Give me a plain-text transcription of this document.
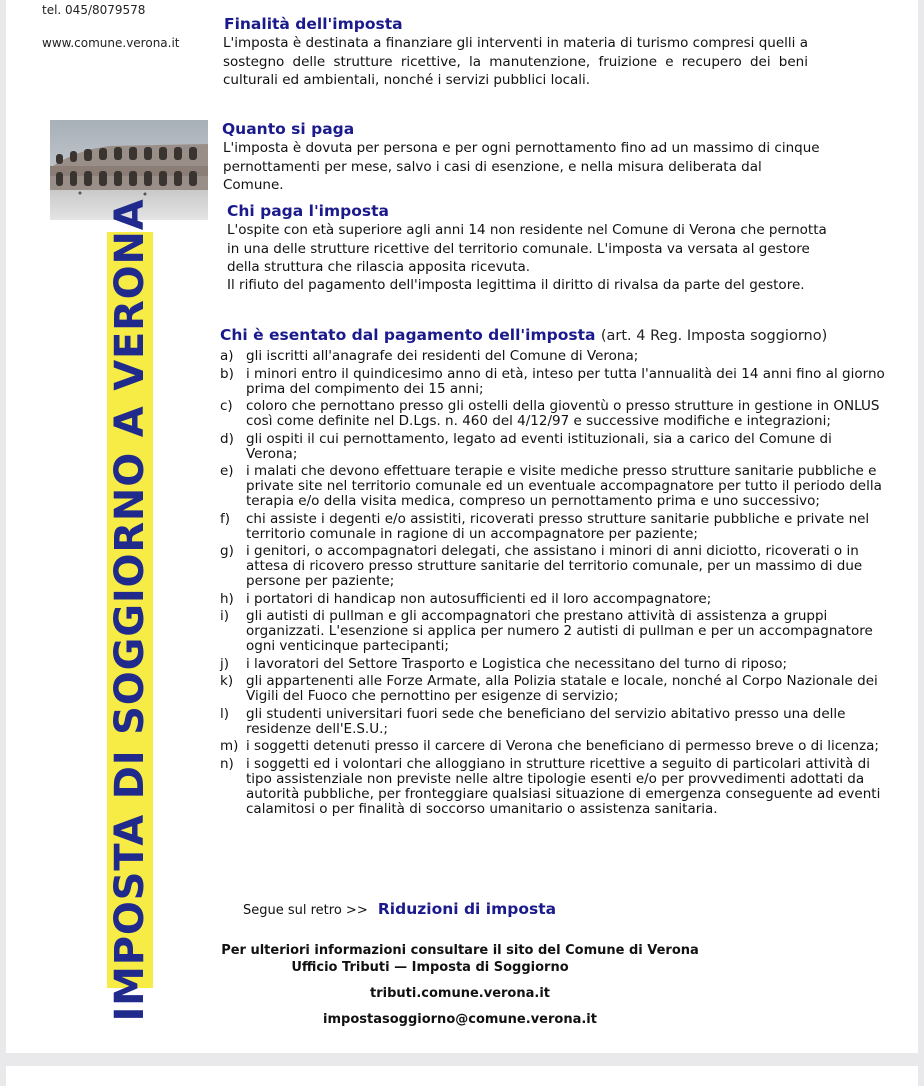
tel. 045/8079578
www.comune.verona.it
IMPOSTA DI SOGGIORNO A VERONA
Finalità dell'imposta
L'imposta è destinata a finanziare gli interventi in materia di turismo compresi quelli a sostegno delle strutture ricettive, la manutenzione, fruizione e recupero dei beni culturali ed ambientali, nonché i servizi pubblici locali.
Quanto si paga
L'imposta è dovuta per persona e per ogni pernottamento fino ad un massimo di cinque pernottamenti per mese, salvo i casi di esenzione, e nella misura deliberata dal Comune.
Chi paga l'imposta
L'ospite con età superiore agli anni 14 non residente nel Comune di Verona che pernotta in una delle strutture ricettive del territorio comunale. L'imposta va versata al gestore della struttura che rilascia apposita ricevuta.
Il rifiuto del pagamento dell'imposta legittima il diritto di rivalsa da parte del gestore.
Chi è esentato dal pagamento dell'imposta (art. 4 Reg. Imposta soggiorno)
a) gli iscritti all'anagrafe dei residenti del Comune di Verona;
b) i minori entro il quindicesimo anno di età, inteso per tutta l'annualità dei 14 anni fino al giorno prima del compimento dei 15 anni;
c) coloro che pernottano presso gli ostelli della gioventù o presso strutture in gestione in ONLUS così come definite nel D.Lgs. n. 460 del 4/12/97 e successive modifiche e integrazioni;
d) gli ospiti il cui pernottamento, legato ad eventi istituzionali, sia a carico del Comune di Verona;
e) i malati che devono effettuare terapie e visite mediche presso strutture sanitarie pubbliche e private site nel territorio comunale ed un eventuale accompagnatore per tutto il periodo della terapia e/o della visita medica, compreso un pernottamento prima e uno successivo;
f) chi assiste i degenti e/o assistiti, ricoverati presso strutture sanitarie pubbliche e private nel territorio comunale in ragione di un accompagnatore per paziente;
g) i genitori, o accompagnatori delegati, che assistano i minori di anni diciotto, ricoverati o in attesa di ricovero presso strutture sanitarie del territorio comunale, per un massimo di due persone per paziente;
h) i portatori di handicap non autosufficienti ed il loro accompagnatore;
i) gli autisti di pullman e gli accompagnatori che prestano attività di assistenza a gruppi organizzati. L'esenzione si applica per numero 2 autisti di pullman e per un accompagnatore ogni venticinque partecipanti;
j) i lavoratori del Settore Trasporto e Logistica che necessitano del turno di riposo;
k) gli appartenenti alle Forze Armate, alla Polizia statale e locale, nonché al Corpo Nazionale dei Vigili del Fuoco che pernottino per esigenze di servizio;
l) gli studenti universitari fuori sede che beneficiano del servizio abitativo presso una delle residenze dell'E.S.U.;
m) i soggetti detenuti presso il carcere di Verona che beneficiano di permesso breve o di licenza;
n) i soggetti ed i volontari che alloggiano in strutture ricettive a seguito di particolari attività di tipo assistenziale non previste nelle altre tipologie esenti e/o per provvedimenti adottati da autorità pubbliche, per fronteggiare qualsiasi situazione di emergenza conseguente ad eventi calamitosi o per finalità di soccorso umanitario o assistenza sanitaria.
Segue sul retro >> Riduzioni di imposta
Per ulteriori informazioni consultare il sito del Comune di Verona
Ufficio Tributi — Imposta di Soggiorno
tributi.comune.verona.it
impostasoggiorno@comune.verona.it
